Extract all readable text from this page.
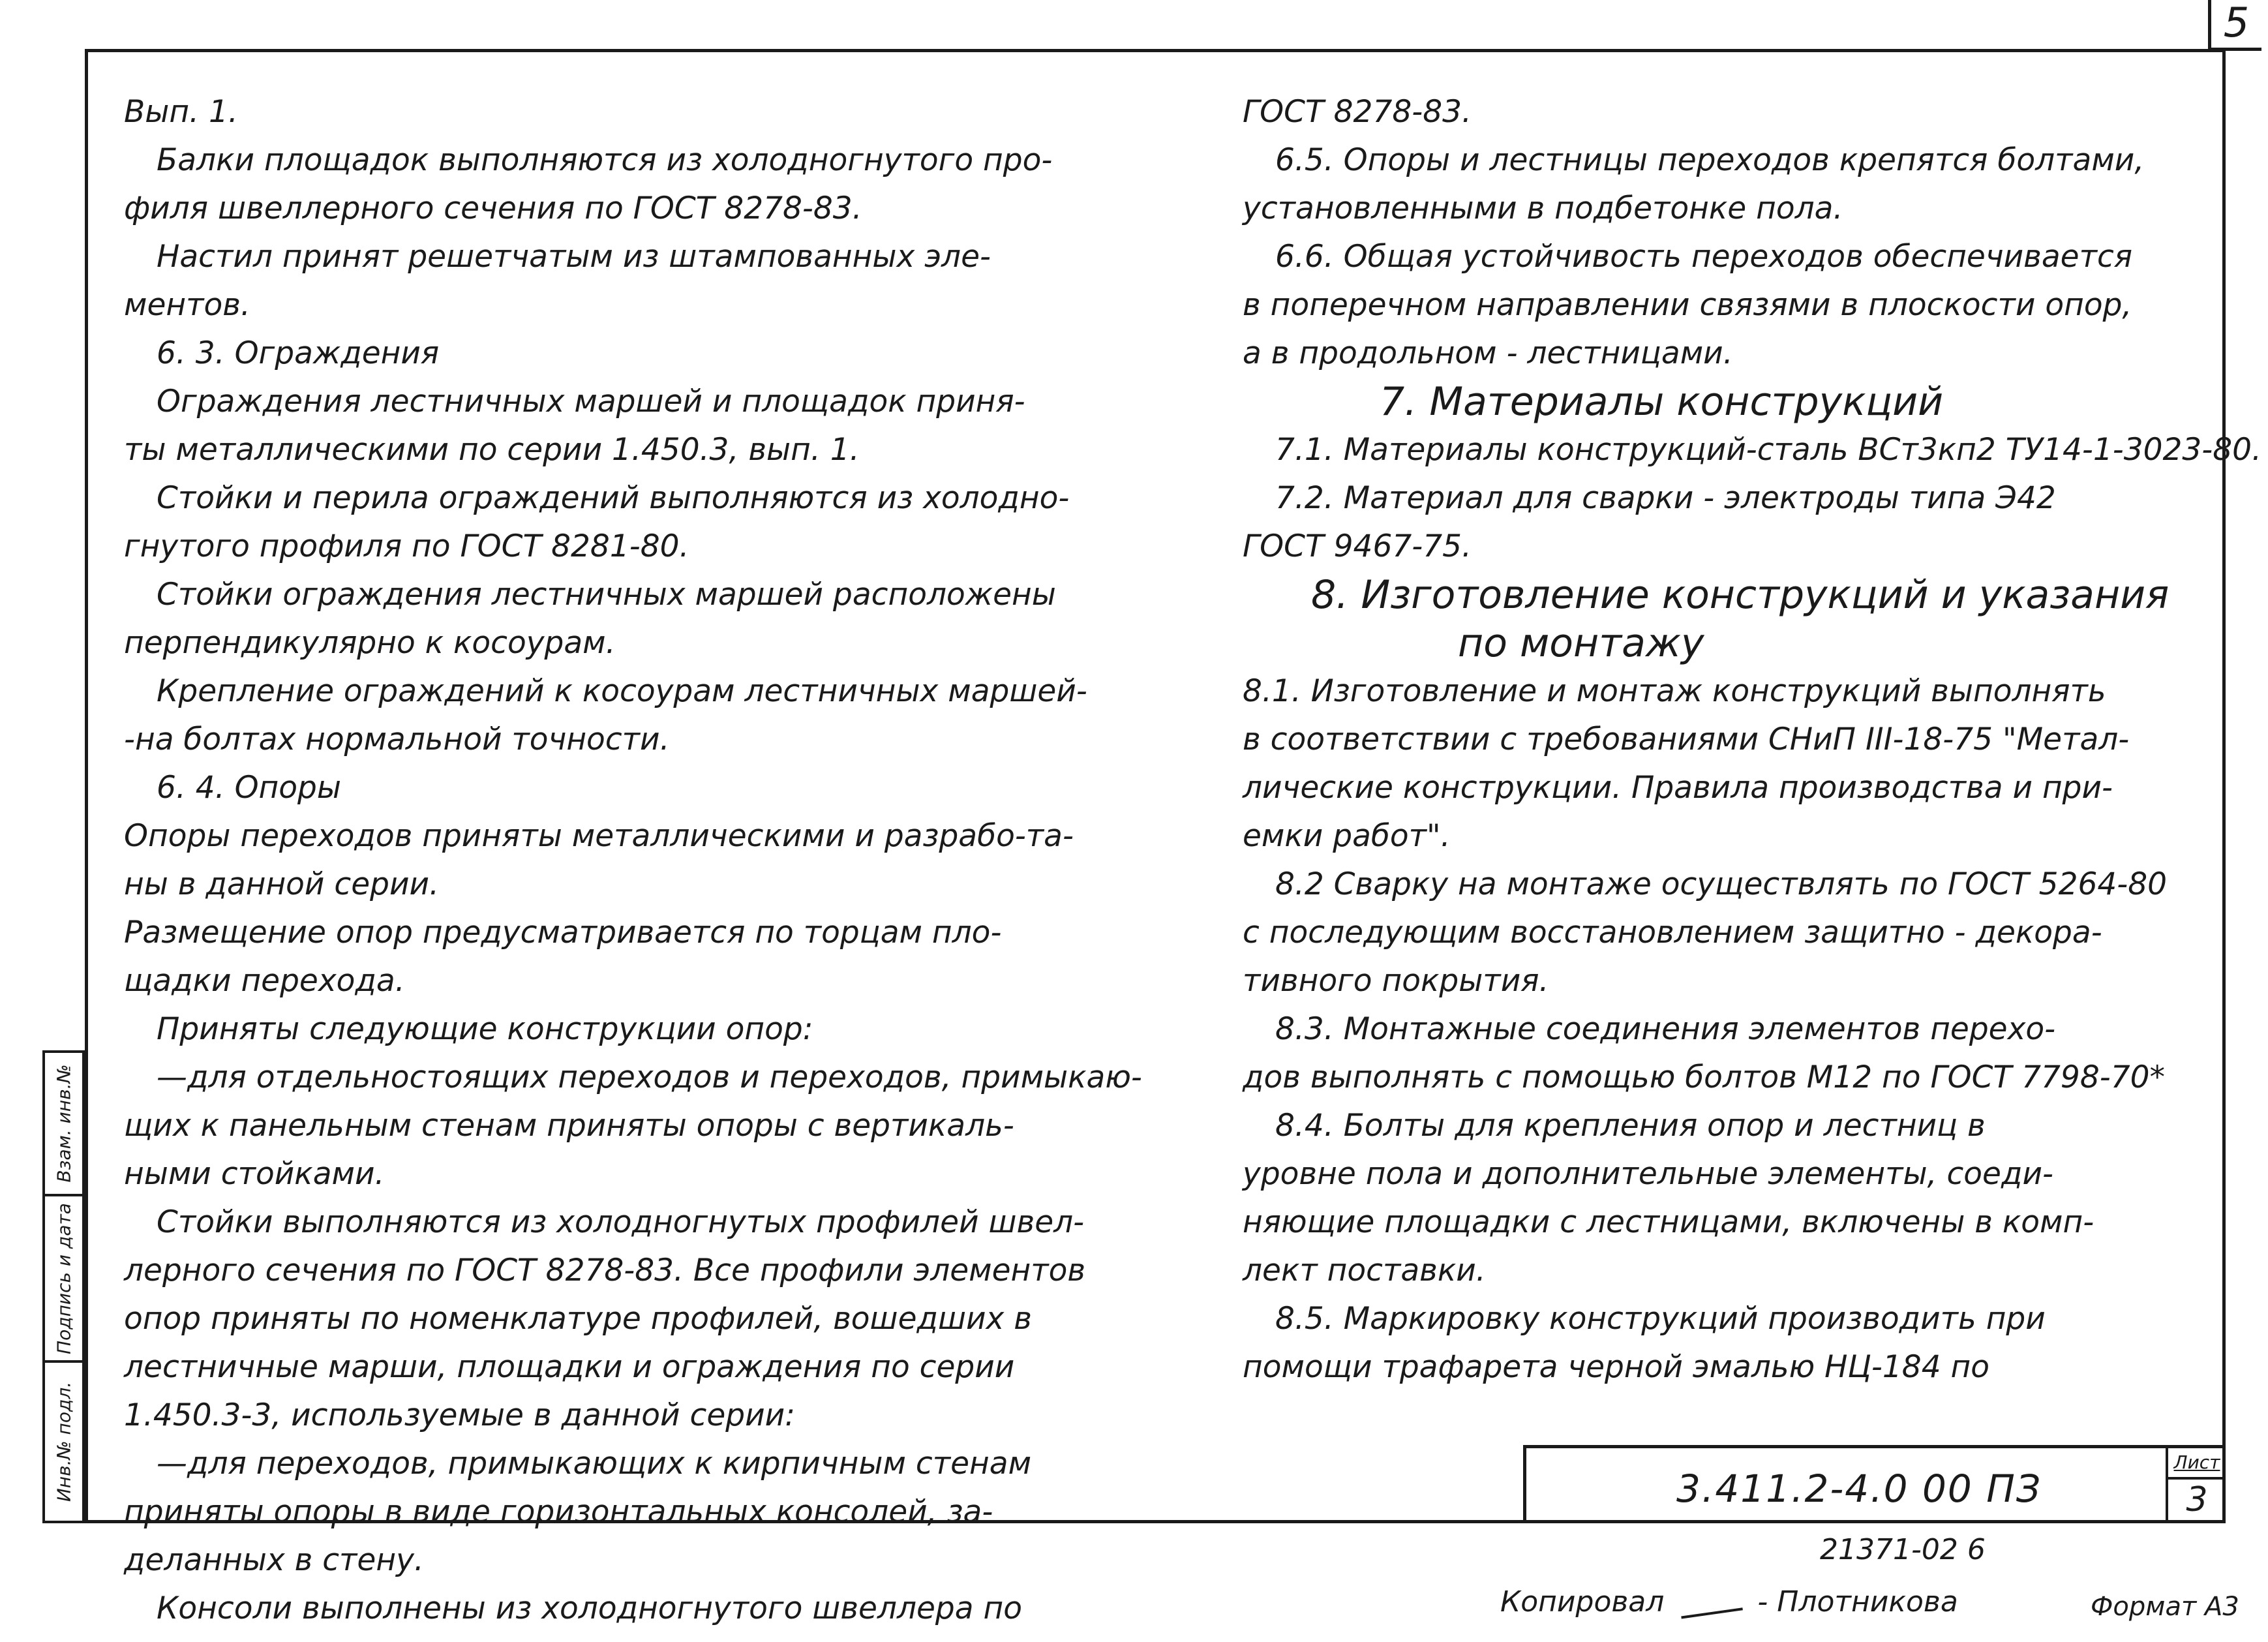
5
Вып. 1.
Балки площадок выполняются из холодногнутого про-
филя швеллерного сечения по ГОСТ 8278-83.
Настил принят решетчатым из штампованных эле-
ментов.
6. 3. Ограждения
Ограждения лестничных маршей и площадок приня-
ты металлическими по серии 1.450.3, вып. 1.
Стойки и перила ограждений выполняются из холодно-
гнутого профиля по ГОСТ 8281-80.
Стойки ограждения лестничных маршей расположены
перпендикулярно к косоурам.
Крепление ограждений к косоурам лестничных маршей-
-на болтах нормальной точности.
6. 4. Опоры
Опоры переходов приняты металлическими и разрабо-та-
ны в данной серии.
Размещение опор предусматривается по торцам пло-
щадки перехода.
Приняты следующие конструкции опор:
—для отдельностоящих переходов и переходов, примыкаю-
щих к панельным стенам приняты опоры с вертикаль-
ными стойками.
Стойки выполняются из холодногнутых профилей швел-
лерного сечения по ГОСТ 8278-83. Все профили элементов
опор приняты по номенклатуре профилей, вошедших в
лестничные марши, площадки и ограждения по серии
1.450.3-3, используемые в данной серии:
—для переходов, примыкающих к кирпичным стенам
приняты опоры в виде горизонтальных консолей, за-
деланных в стену.
Консоли выполнены из холодногнутого швеллера по
ГОСТ 8278-83.
6.5. Опоры и лестницы переходов крепятся болтами,
установленными в подбетонке пола.
6.6. Общая устойчивость переходов обеспечивается
в поперечном направлении связями в плоскости опор,
а в продольном - лестницами.
7. Материалы конструкций
7.1. Материалы конструкций-сталь ВСт3кп2 ТУ14-1-3023-80.
7.2. Материал для сварки - электроды типа Э42
ГОСТ 9467-75.
8. Изготовление конструкций и указания
по монтажу
8.1. Изготовление и монтаж конструкций выполнять
в соответствии с требованиями СНиП III-18-75 "Метал-
лические конструкции. Правила производства и при-
емки работ".
8.2 Сварку на монтаже осуществлять по ГОСТ 5264-80
с последующим восстановлением защитно - декора-
тивного покрытия.
8.3. Монтажные соединения элементов перехо-
дов выполнять с помощью болтов М12 по ГОСТ 7798-70*
8.4. Болты для крепления опор и лестниц в
уровне пола и дополнительные элементы, соеди-
няющие площадки с лестницами, включены в комп-
лект поставки.
8.5. Маркировку конструкций производить при
помощи трафарета черной эмалью НЦ-184 по
Взам. инв.№
Подпись и дата
Инв.№ подл.	3.411.2-4.0 00 ПЗ
Лист
3
21371-02 6
Копировал	- Плотникова	Формат А3
